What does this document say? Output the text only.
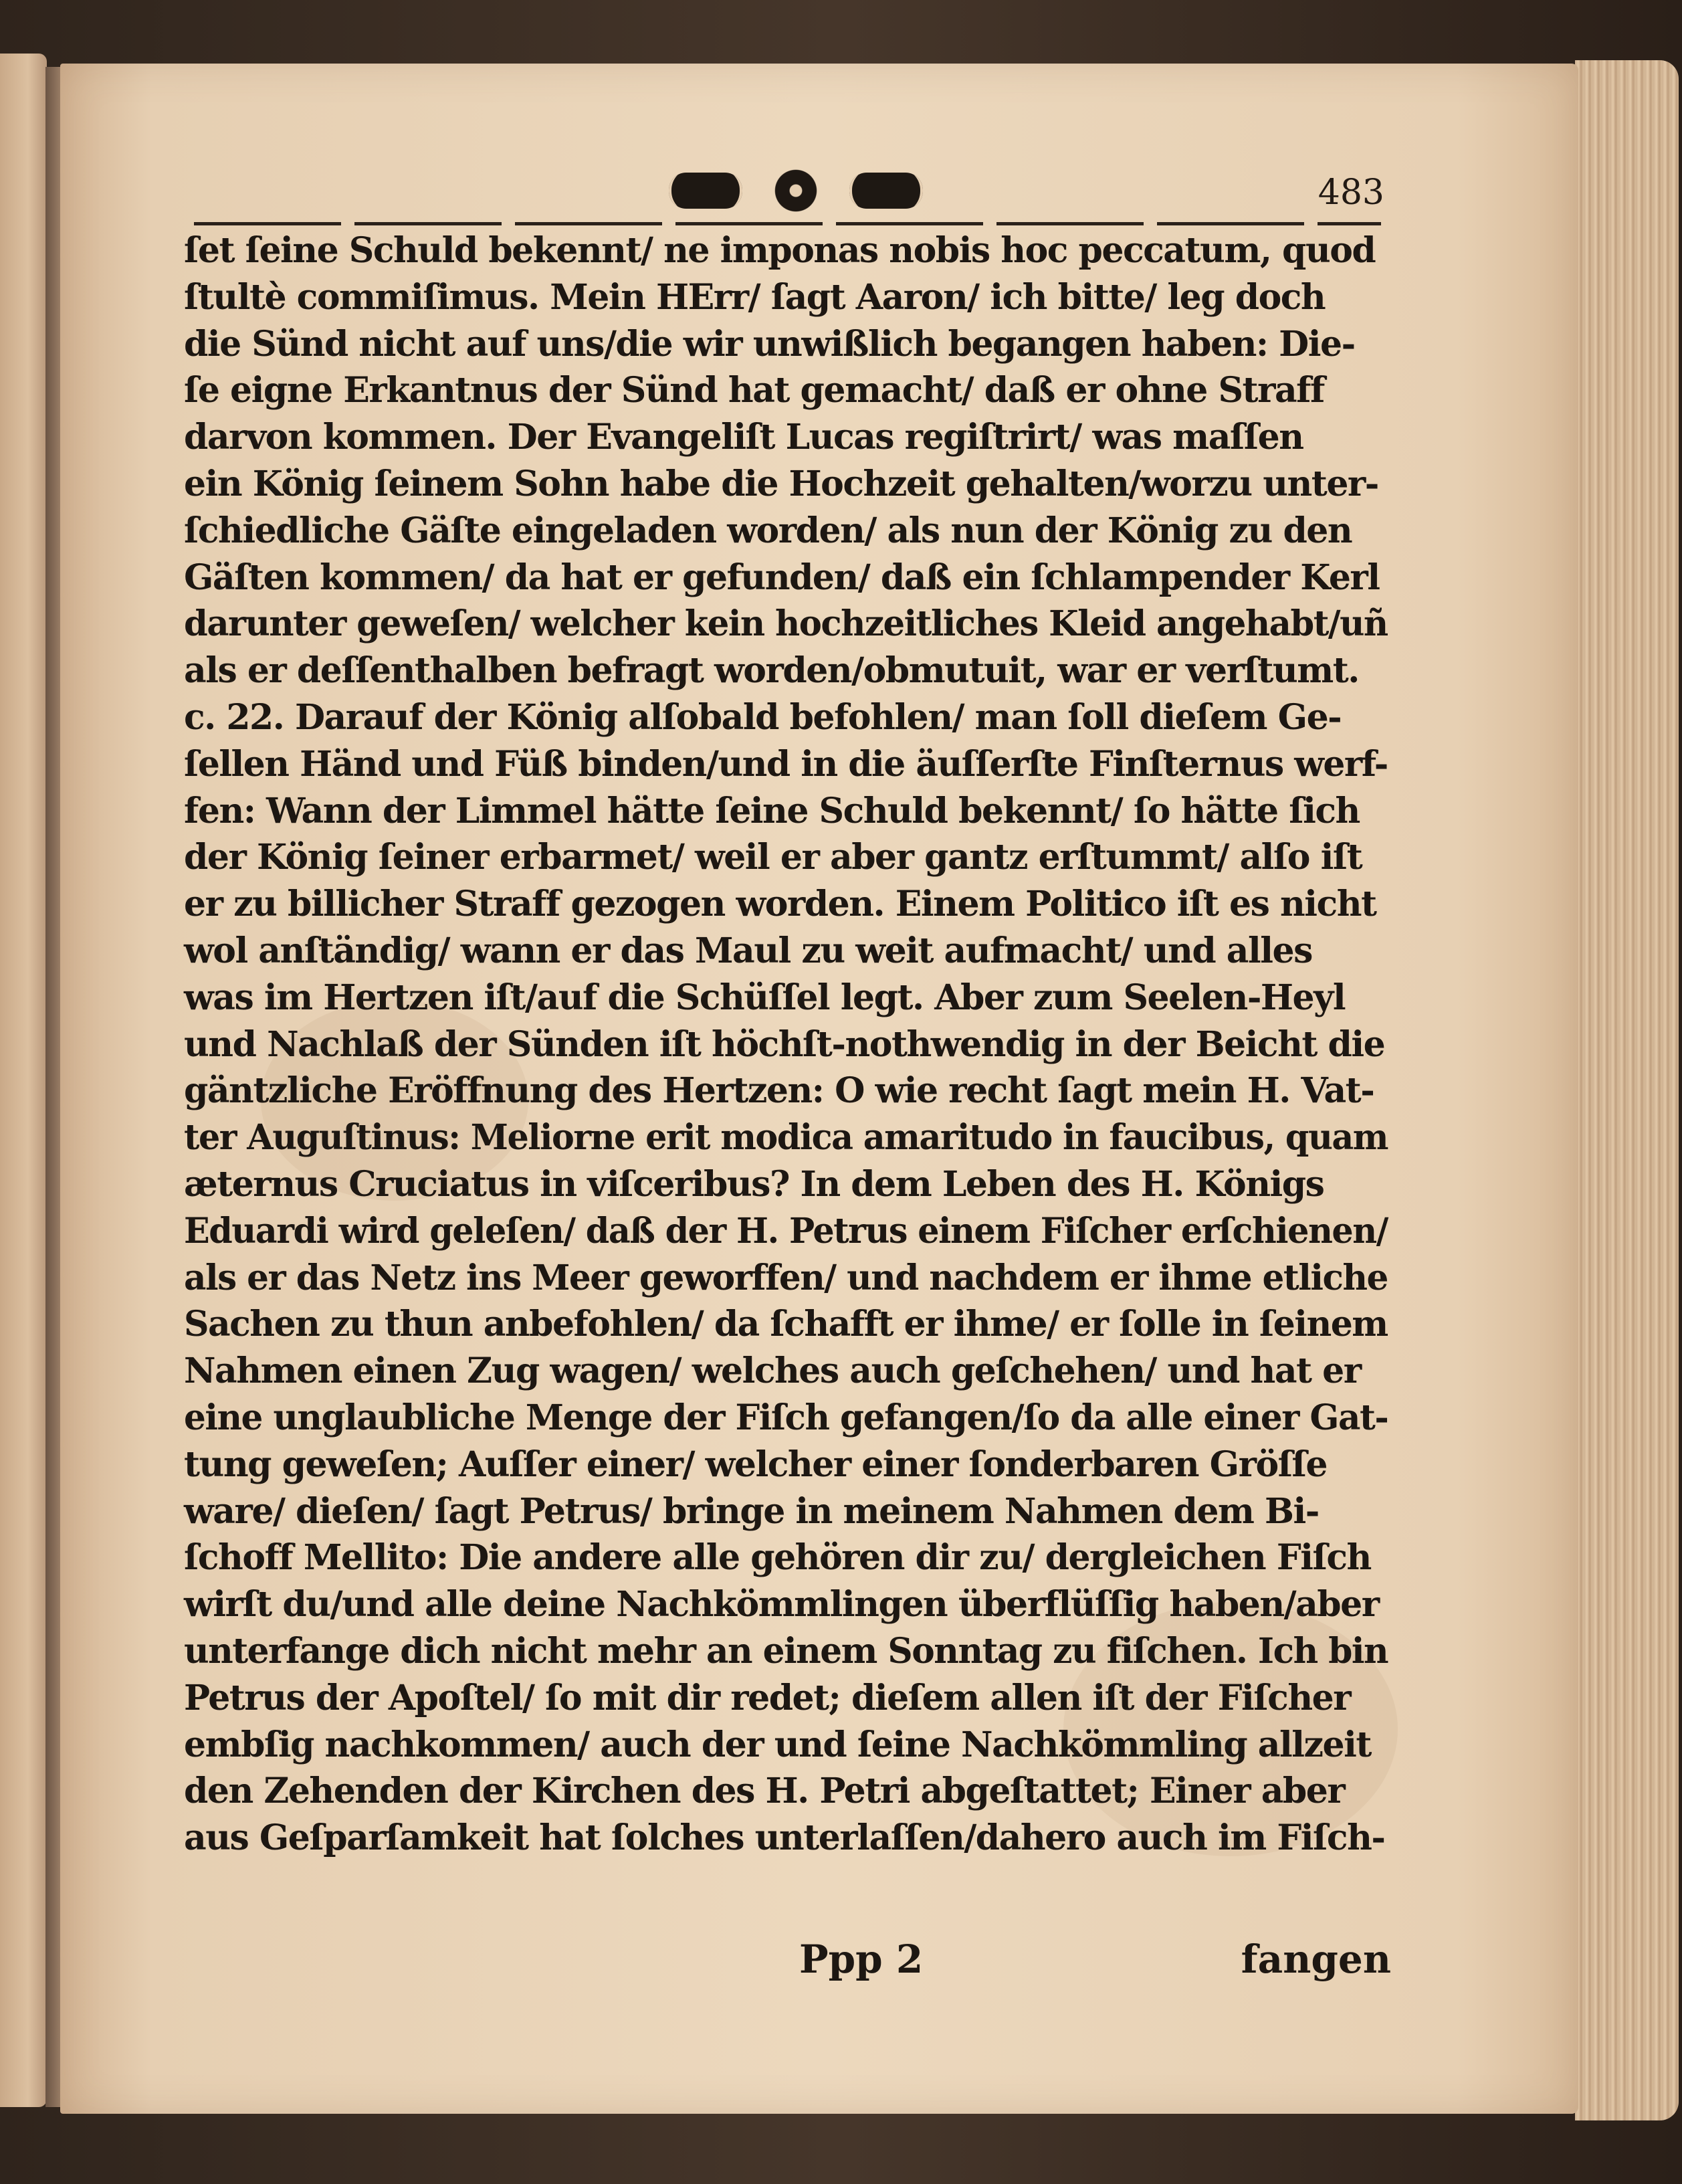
483
ſet ſeine Schuld bekennt/ ne imponas nobis hoc peccatum, quod
ſtultè commiſimus. Mein HErr/ ſagt Aaron/ ich bitte/ leg doch
die Sünd nicht auf uns/die wir unwißlich begangen haben: Die-
ſe eigne Erkantnus der Sünd hat gemacht/ daß er ohne Straff
darvon kommen. Der Evangeliſt Lucas regiſtrirt/ was maſſen
ein König ſeinem Sohn habe die Hochzeit gehalten/worzu unter-
ſchiedliche Gäſte eingeladen worden/ als nun der König zu den
Gäſten kommen/ da hat er gefunden/ daß ein ſchlampender Kerl
darunter geweſen/ welcher kein hochzeitliches Kleid angehabt/uñ
als er deſſenthalben befragt worden/obmutuit, war er verſtumt.
c. 22. Darauf der König alſobald befohlen/ man ſoll dieſem Ge-
ſellen Händ und Füß binden/und in die äuſſerſte Finſternus werf-
fen: Wann der Limmel hätte ſeine Schuld bekennt/ ſo hätte ſich
der König ſeiner erbarmet/ weil er aber gantz erſtummt/ alſo iſt
er zu billicher Straff gezogen worden. Einem Politico iſt es nicht
wol anſtändig/ wann er das Maul zu weit aufmacht/ und alles
was im Hertzen iſt/auf die Schüſſel legt. Aber zum Seelen-Heyl
und Nachlaß der Sünden iſt höchſt-nothwendig in der Beicht die
gäntzliche Eröffnung des Hertzen: O wie recht ſagt mein H. Vat-
ter Auguſtinus: Meliorne erit modica amaritudo in faucibus, quam
æternus Cruciatus in viſceribus? In dem Leben des H. Königs
Eduardi wird geleſen/ daß der H. Petrus einem Fiſcher erſchienen/
als er das Netz ins Meer geworffen/ und nachdem er ihme etliche
Sachen zu thun anbefohlen/ da ſchafft er ihme/ er ſolle in ſeinem
Nahmen einen Zug wagen/ welches auch geſchehen/ und hat er
eine unglaubliche Menge der Fiſch gefangen/ſo da alle einer Gat-
tung geweſen; Auſſer einer/ welcher einer ſonderbaren Gröſſe
ware/ dieſen/ ſagt Petrus/ bringe in meinem Nahmen dem Bi-
ſchoff Mellito: Die andere alle gehören dir zu/ dergleichen Fiſch
wirſt du/und alle deine Nachkömmlingen überflüſſig haben/aber
unterfange dich nicht mehr an einem Sonntag zu fiſchen. Ich bin
Petrus der Apoſtel/ ſo mit dir redet; dieſem allen iſt der Fiſcher
embſig nachkommen/ auch der und ſeine Nachkömmling allzeit
den Zehenden der Kirchen des H. Petri abgeſtattet; Einer aber
aus Geſparſamkeit hat ſolches unterlaſſen/dahero auch im Fiſch-
Ppp 2	fangen
